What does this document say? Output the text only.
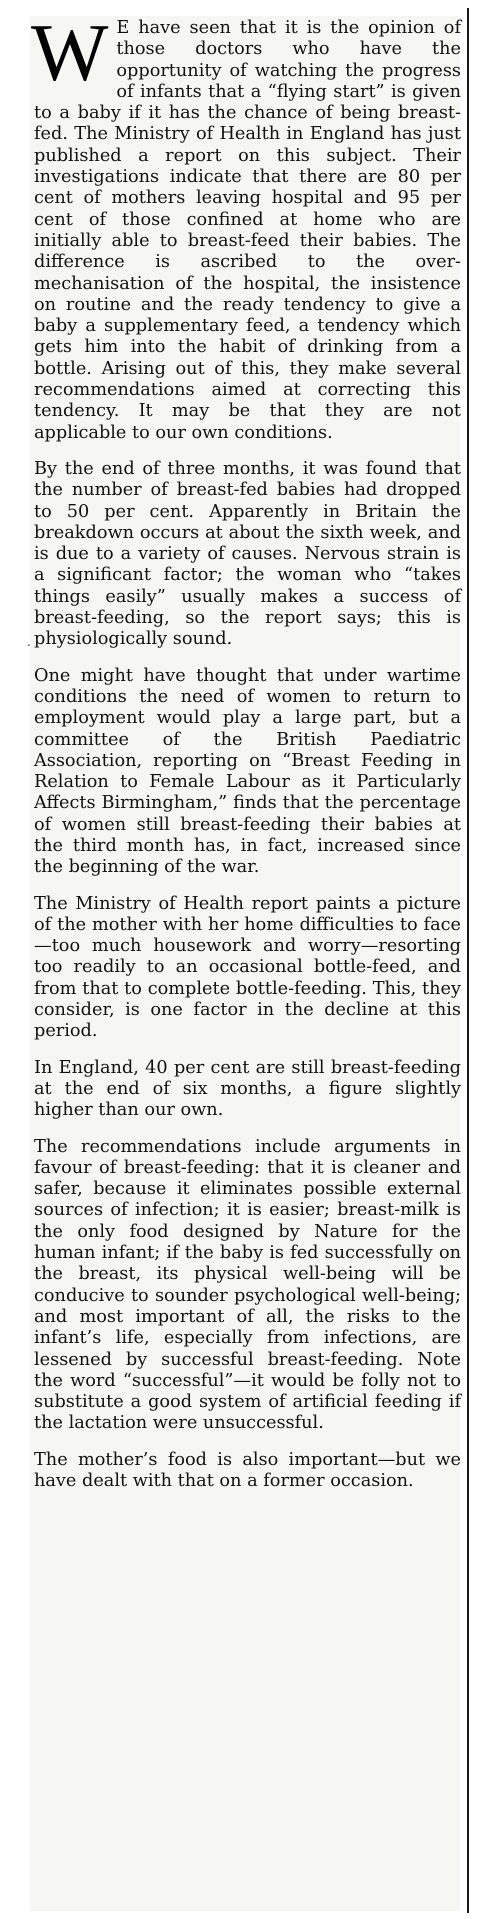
.

W E have seen that it is the opinion of those doctors who have the opportunity of watching the progress of infants that a “flying start” is given to a baby if it has the chance of being breast-fed. The Ministry of Health in England has just published a report on this subject. Their investigations indicate that there are 80 per cent of mothers leaving hospital and 95 per cent of those confined at home who are initially able to breast-feed their babies. The difference is ascribed to the over-mechanisation of the hospital, the insistence on routine and the ready tendency to give a baby a supplementary feed, a tendency which gets him into the habit of drinking from a bottle. Arising out of this, they make several recommendations aimed at correcting this tendency. It may be that they are not applicable to our own conditions.

By the end of three months, it was found that the number of breast-fed babies had dropped to 50 per cent. Apparently in Britain the breakdown occurs at about the sixth week, and is due to a variety of causes. Nervous strain is a significant factor; the woman who “takes things easily” usually makes a success of breast-feeding, so the report says; this is physiologically sound.

One might have thought that under wartime conditions the need of women to return to employment would play a large part, but a committee of the British Paediatric Association, reporting on “Breast Feeding in Relation to Female Labour as it Particularly Affects Birmingham,” finds that the percentage of women still breast-feeding their babies at the third month has, in fact, increased since the beginning of the war.

The Ministry of Health report paints a picture of the mother with her home difficulties to face—too much housework and worry—resorting too readily to an occasional bottle-feed, and from that to complete bottle-feeding. This, they consider, is one factor in the decline at this period.

In England, 40 per cent are still breast-feeding at the end of six months, a figure slightly higher than our own.

The recommendations include arguments in favour of breast-feeding: that it is cleaner and safer, because it eliminates possible external sources of infection; it is easier; breast-milk is the only food designed by Nature for the human infant; if the baby is fed successfully on the breast, its physical well-being will be conducive to sounder psychological well-being; and most important of all, the risks to the infant’s life, especially from infections, are lessened by successful breast-feeding. Note the word “successful”—it would be folly not to substitute a good system of artificial feeding if the lactation were unsuccessful.

The mother’s food is also important—but we have dealt with that on a former occasion.
